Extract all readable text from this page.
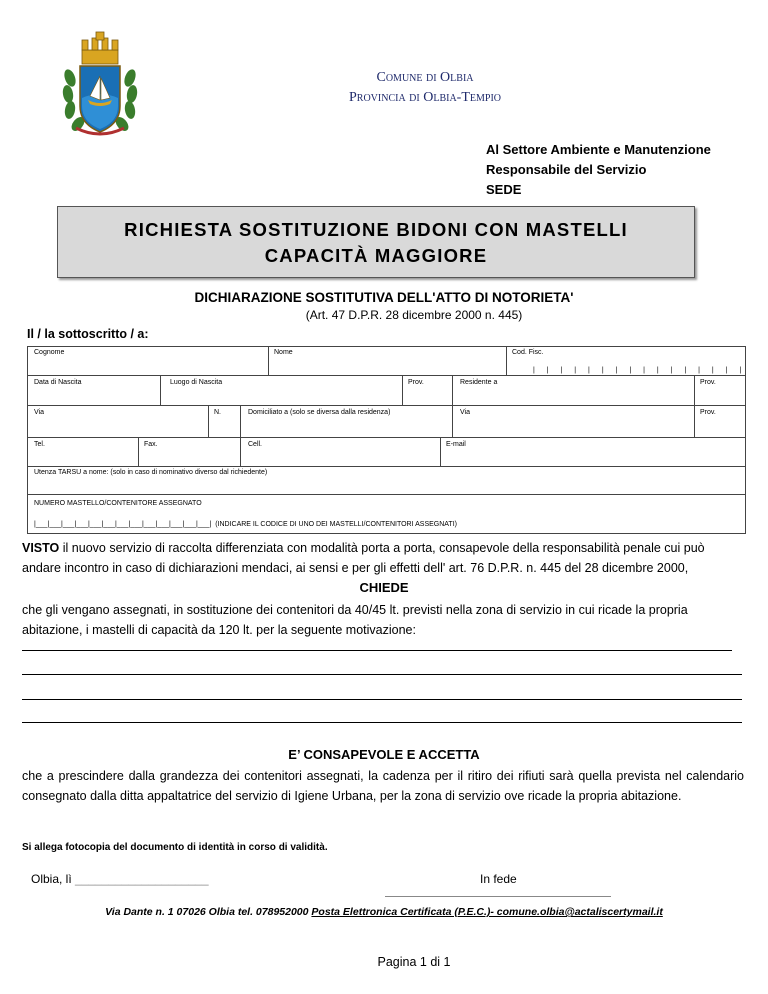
Comune di Olbia
Provincia di Olbia-Tempio
Al Settore Ambiente e Manutenzione
Responsabile del Servizio
SEDE
RICHIESTA SOSTITUZIONE BIDONI CON MASTELLI
CAPACITÀ MAGGIORE
DICHIARAZIONE SOSTITUTIVA DELL'ATTO DI NOTORIETA'
(Art. 47 D.P.R. 28 dicembre 2000 n. 445)
Il / la sottoscritto / a:
Cognome	Nome	Cod. Fisc.
| | | | | | | | | | | | | | | |
Data di Nascita	Luogo di Nascita	Prov.	Residente a	Prov.
Via	N.	Domiciliato a (solo se diversa dalla residenza)	Via	Prov.
Tel.	Fax.	Cell.	E-mail
Utenza TARSU a nome: (solo in caso di nominativo diverso dal richiedente)
NUMERO MASTELLO/CONTENITORE ASSEGNATO
|___|___|___|___|___|___|___|___|___|___|___|___|___| (INDICARE IL CODICE DI UNO DEI MASTELLI/CONTENITORI ASSEGNATI)
VISTO il nuovo servizio di raccolta differenziata con modalità porta a porta, consapevole della responsabilità penale cui può andare incontro in caso di dichiarazioni mendaci, ai sensi e per gli effetti dell' art. 76 D.P.R. n. 445 del 28 dicembre 2000,
CHIEDE
che gli vengano assegnati, in sostituzione dei contenitori da 40/45 lt. previsti nella zona di servizio in cui ricade la propria abitazione, i mastelli di capacità da 120 lt. per la seguente motivazione:
E’ CONSAPEVOLE E ACCETTA
che a prescindere dalla grandezza dei contenitori assegnati, la cadenza per il ritiro dei rifiuti sarà quella prevista nel calendario consegnato dalla ditta appaltatrice del servizio di Igiene Urbana, per la zona di servizio ove ricade la propria abitazione.
Si allega fotocopia del documento di identità in corso di validità.
Olbia, lì ____________________	In fede
Via Dante n. 1 07026 Olbia tel. 078952000 Posta Elettronica Certificata (P.E.C.)- comune.olbia@actaliscertymail.it
Pagina 1 di 1
